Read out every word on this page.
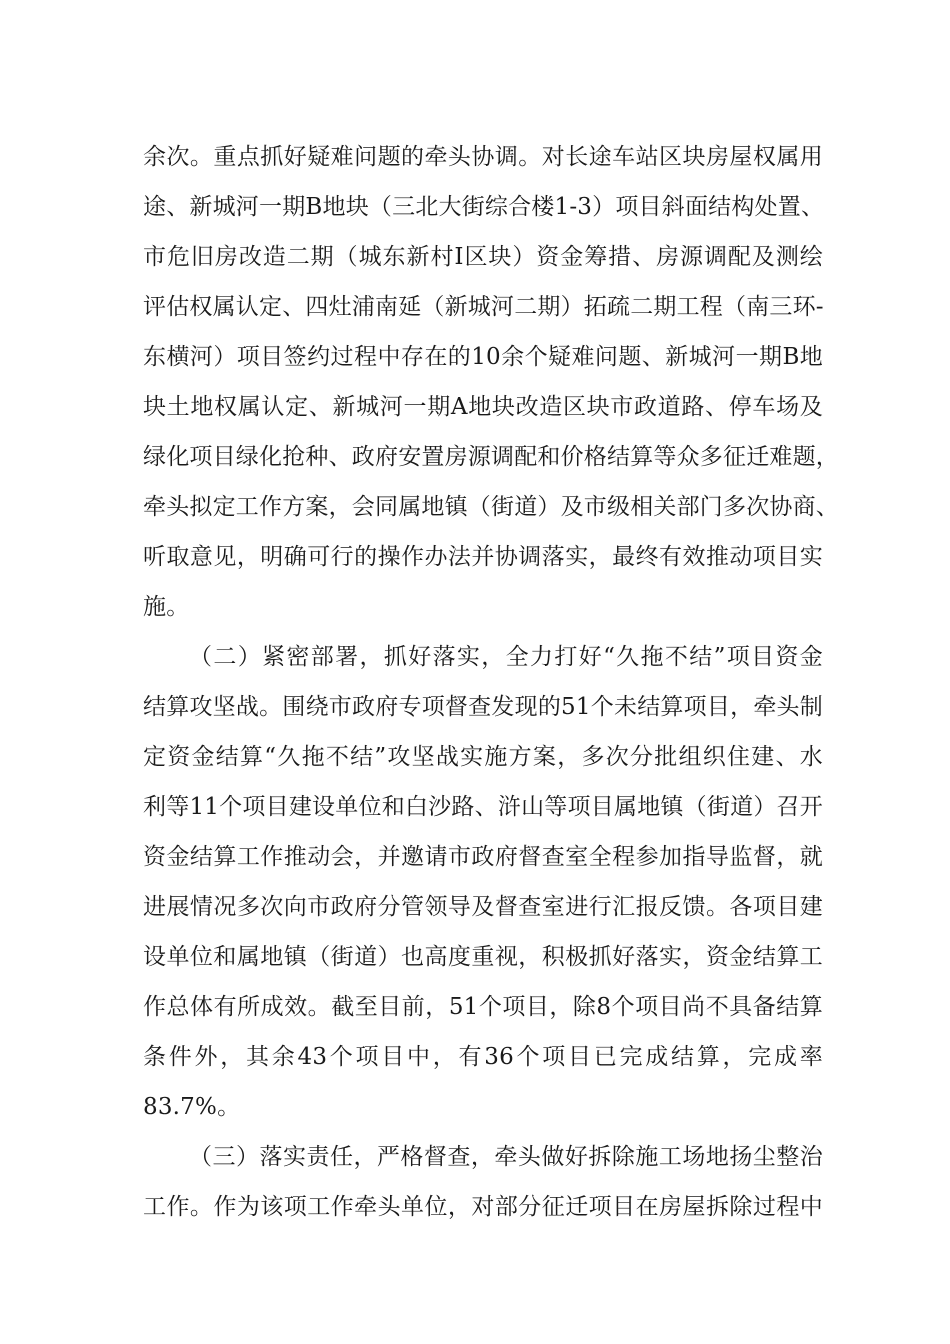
余次。重点抓好疑难问题的牵头协调。对长途车站区块房屋权属用
途、新城河一期B地块（三北大街综合楼1-3）项目斜面结构处置、
市危旧房改造二期（城东新村Ⅰ区块）资金筹措、房源调配及测绘
评估权属认定、四灶浦南延（新城河二期）拓疏二期工程（南三环-
东横河）项目签约过程中存在的10余个疑难问题、新城河一期B地
块土地权属认定、新城河一期A地块改造区块市政道路、停车场及
绿化项目绿化抢种、政府安置房源调配和价格结算等众多征迁难题，
牵头拟定工作方案，会同属地镇（街道）及市级相关部门多次协商、
听取意见，明确可行的操作办法并协调落实，最终有效推动项目实
施。
（二）紧密部署，抓好落实，全力打好“久拖不结”项目资金
结算攻坚战。围绕市政府专项督查发现的51个未结算项目，牵头制
定资金结算“久拖不结”攻坚战实施方案，多次分批组织住建、水
利等11个项目建设单位和白沙路、浒山等项目属地镇（街道）召开
资金结算工作推动会，并邀请市政府督查室全程参加指导监督，就
进展情况多次向市政府分管领导及督查室进行汇报反馈。各项目建
设单位和属地镇（街道）也高度重视，积极抓好落实，资金结算工
作总体有所成效。截至目前，51个项目，除8个项目尚不具备结算
条件外，其余43个项目中，有36个项目已完成结算，完成率
83.7%。
（三）落实责任，严格督查，牵头做好拆除施工场地扬尘整治
工作。作为该项工作牵头单位，对部分征迁项目在房屋拆除过程中
